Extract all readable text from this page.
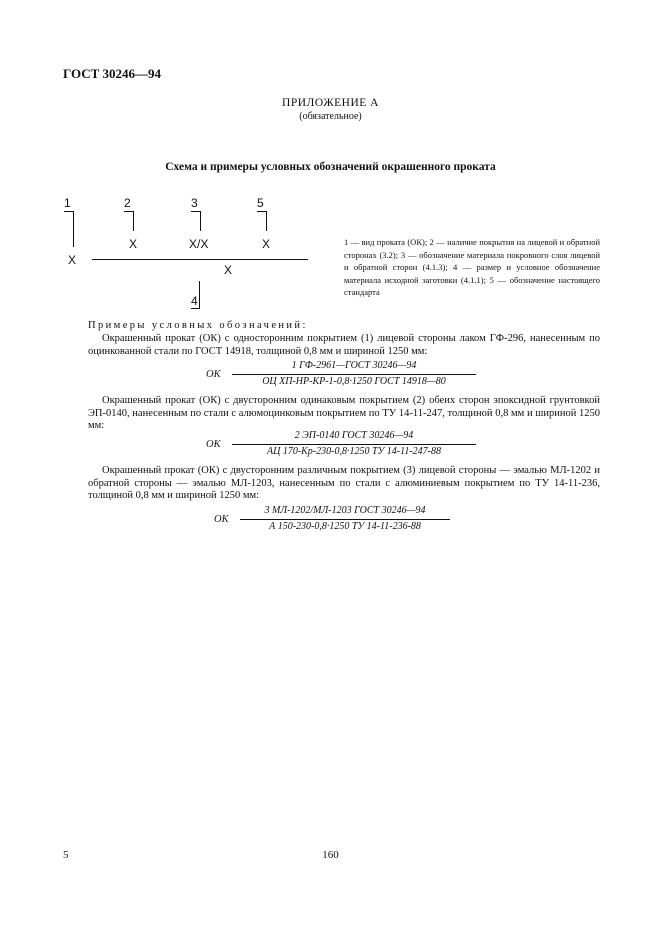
ГОСТ 30246—94
ПРИЛОЖЕНИЕ А
(обязательное)
Схема и примеры условных обозначений окрашенного проката
1	2	3	5
4
X
X	X/X	X
X
1 — вид проката (ОК); 2 — наличие покрытия на лицевой и обратной сторонах (3.2); 3 — обозначение материала покровного слоя лицевой и обратной сторон (4.1.3); 4 — размер и условное обозначение материала исходной заготовки (4.1.1); 5 — обозначение настоящего стандарта
Примеры условных обозначений:
Окрашенный прокат (ОК) с односторонним покрытием (1) лицевой стороны лаком ГФ-296, нанесенным по оцинкованной стали по ГОСТ 14918, толщиной 0,8 мм и шириной 1250 мм:
ОК
1 ГФ-2961—ГОСТ 30246—94
ОЦ ХП-НР-КР-1-0,8·1250 ГОСТ 14918—80
Окрашенный прокат (ОК) с двусторонним одинаковым покрытием (2) обеих сторон эпоксидной грунтовкой ЭП-0140, нанесенным по стали с алюмоцинковым покрытием по ТУ 14-11-247, толщиной 0,8 мм и шириной 1250 мм:
ОК
2 ЭП-0140 ГОСТ 30246—94
АЦ 170-Кр-230-0,8·1250 ТУ 14-11-247-88
Окрашенный прокат (ОК) с двусторонним различным покрытием (3) лицевой стороны — эмалью МЛ-1202 и обратной стороны — эмалью МЛ-1203, нанесенным по стали с алюминиевым покрытием по ТУ 14-11-236, толщиной 0,8 мм и шириной 1250 мм:
ОК
3 МЛ-1202/МЛ-1203 ГОСТ 30246—94
А 150-230-0,8·1250 ТУ 14-11-236-88
5	160
